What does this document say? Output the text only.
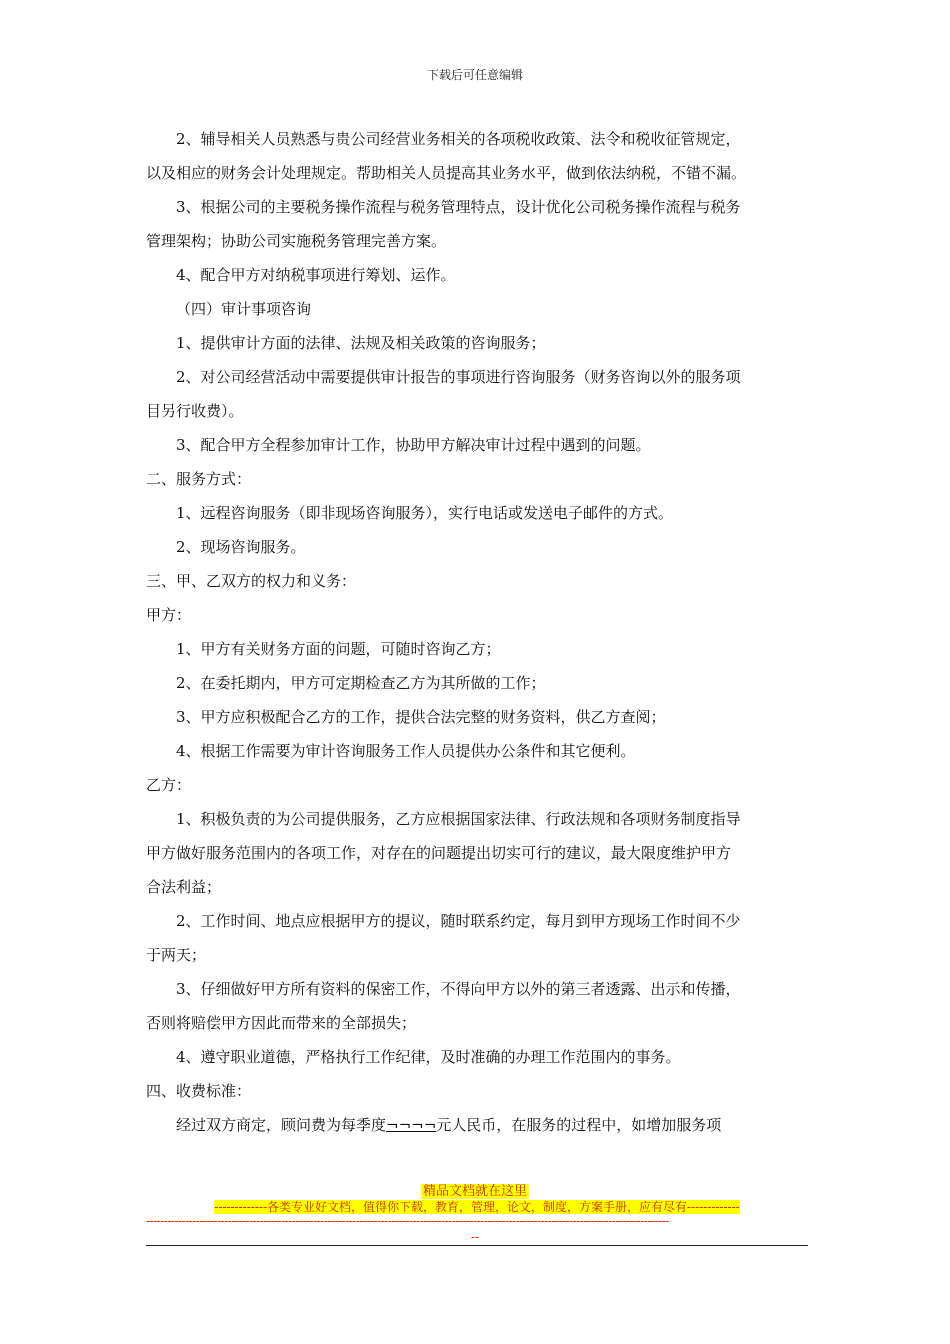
下载后可任意编辑
2、辅导相关人员熟悉与贵公司经营业务相关的各项税收政策、法令和税收征管规定，
以及相应的财务会计处理规定。帮助相关人员提高其业务水平，做到依法纳税，不错不漏。
3、根据公司的主要税务操作流程与税务管理特点，设计优化公司税务操作流程与税务
管理架构；协助公司实施税务管理完善方案。
4、配合甲方对纳税事项进行筹划、运作。
（四）审计事项咨询
1、提供审计方面的法律、法规及相关政策的咨询服务；
2、对公司经营活动中需要提供审计报告的事项进行咨询服务（财务咨询以外的服务项
目另行收费）。
3、配合甲方全程参加审计工作，协助甲方解决审计过程中遇到的问题。
二、服务方式：
1、远程咨询服务（即非现场咨询服务），实行电话或发送电子邮件的方式。
2、现场咨询服务。
三、甲、乙双方的权力和义务：
甲方：
1、甲方有关财务方面的问题，可随时咨询乙方；
2、在委托期内，甲方可定期检查乙方为其所做的工作；
3、甲方应积极配合乙方的工作，提供合法完整的财务资料，供乙方查阅；
4、根据工作需要为审计咨询服务工作人员提供办公条件和其它便利。
乙方：
1、积极负责的为公司提供服务，乙方应根据国家法律、行政法规和各项财务制度指导
甲方做好服务范围内的各项工作，对存在的问题提出切实可行的建议，最大限度维护甲方
合法利益；
2、工作时间、地点应根据甲方的提议，随时联系约定，每月到甲方现场工作时间不少
于两天；
3、仔细做好甲方所有资料的保密工作，不得向甲方以外的第三者透露、出示和传播，
否则将赔偿甲方因此而带来的全部损失；
4、遵守职业道德，严格执行工作纪律，及时准确的办理工作范围内的事务。
四、收费标准：
经过双方商定，顾问费为每季度¬¬¬¬元人民币，在服务的过程中，如增加服务项
精品文档就在这里
-------------各类专业好文档，值得你下载，教育，管理，论文，制度，方案手册，应有尽有-------------
---------------------------------------------------------------------------------------------------------------------------------------------------
--
